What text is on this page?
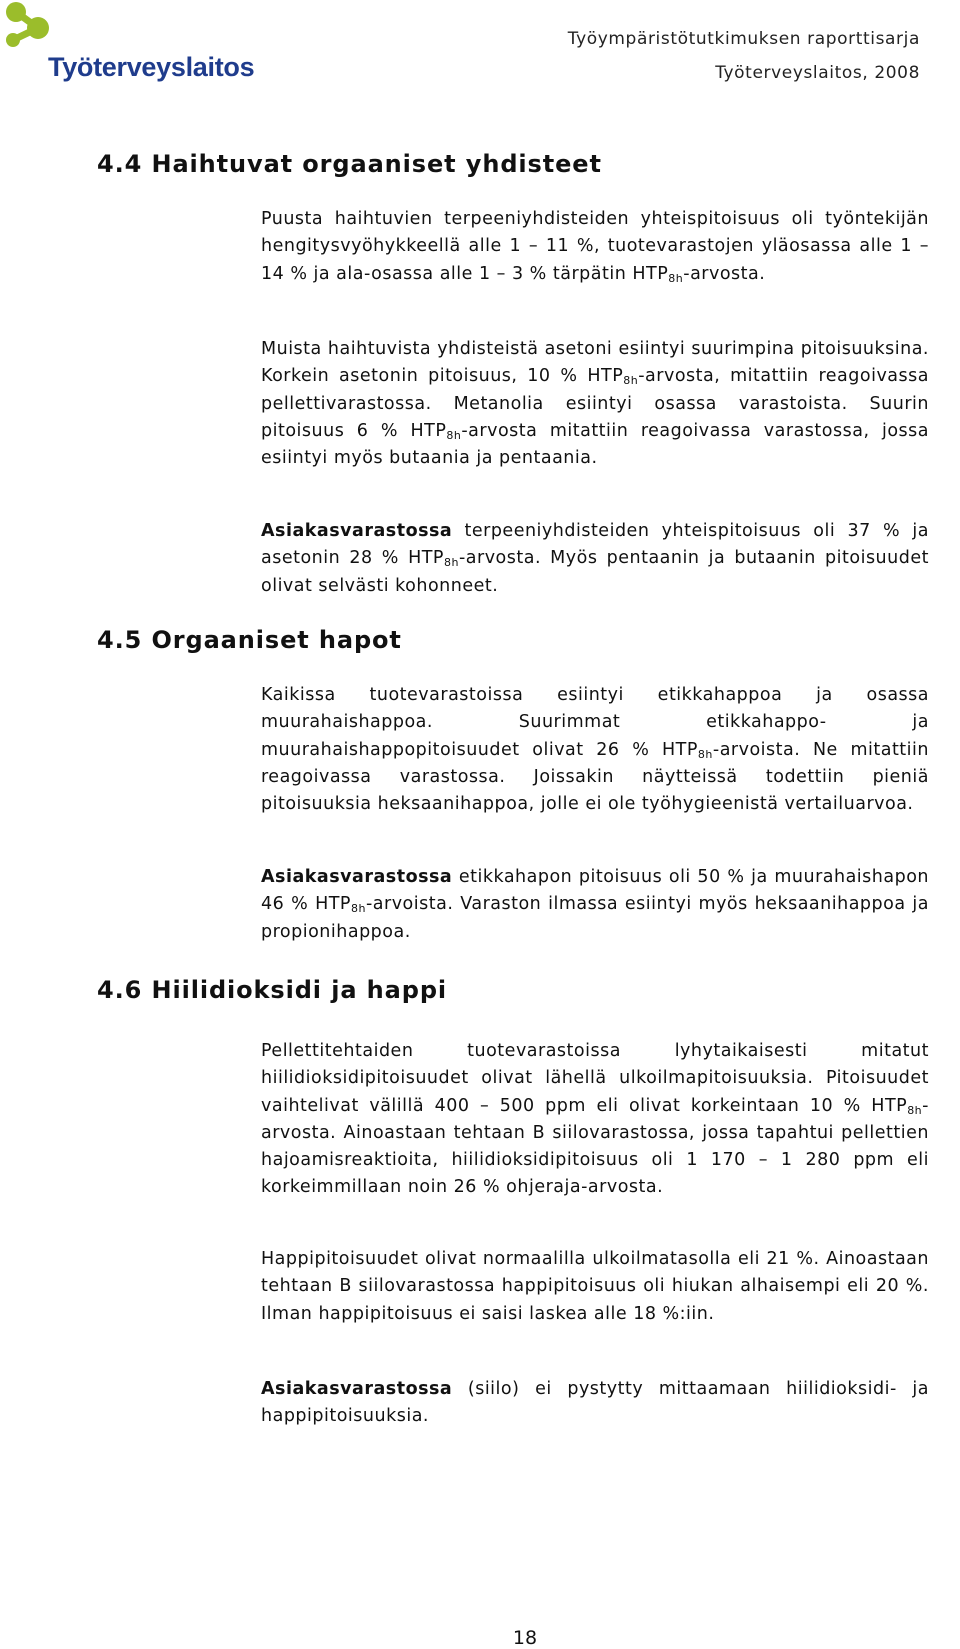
Työterveyslaitos
Työympäristötutkimuksen raporttisarja
Työterveyslaitos, 2008
4.4 Haihtuvat orgaaniset yhdisteet

Puusta haihtuvien terpeeniyhdisteiden yhteispitoisuus oli työntekijän hengitysvyöhykkeellä alle 1 – 11 %, tuotevarastojen yläosassa alle 1 – 14 % ja ala-osassa alle 1 – 3 % tärpätin $HTP_{8h}$-arvosta.

Muista haihtuvista yhdisteistä asetoni esiintyi suurimpina pitoisuuksina. Korkein asetonin pitoisuus, 10 % $HTP_{8h}$-arvosta, mitattiin reagoivassa pellettivarastossa. Metanolia esiintyi osassa varastoista. Suurin pitoisuus 6 % $HTP_{8h}$-arvosta mitattiin reagoivassa varastossa, jossa esiintyi myös butaania ja pentaania.

Asiakasvarastossa terpeeniyhdisteiden yhteispitoisuus oli 37 % ja asetonin 28 % $HTP_{8h}$-arvosta. Myös pentaanin ja butaanin pitoisuudet olivat selvästi kohonneet.

4.5 Orgaaniset hapot

Kaikissa tuotevarastoissa esiintyi etikkahappoa ja osassa muurahaishappoa. Suurimmat etikkahappo- ja muurahaishappopitoisuudet olivat 26 % $HTP_{8h}$-arvoista. Ne mitattiin reagoivassa varastossa. Joissakin näytteissä todettiin pieniä pitoisuuksia heksaanihappoa, jolle ei ole työhygieenistä vertailuarvoa.

Asiakasvarastossa etikkahapon pitoisuus oli 50 % ja muurahaishapon 46 % $HTP_{8h}$-arvoista. Varaston ilmassa esiintyi myös heksaanihappoa ja propionihappoa.

4.6 Hiilidioksidi ja happi

Pellettitehtaiden tuotevarastoissa lyhytaikaisesti mitatut hiilidioksidipitoisuudet olivat lähellä ulkoilmapitoisuuksia. Pitoisuudet vaihtelivat välillä 400 – 500 ppm eli olivat korkeintaan 10 % $HTP_{8h}$-arvosta. Ainoastaan tehtaan B siilovarastossa, jossa tapahtui pellettien hajoamisreaktioita, hiilidioksidipitoisuus oli 1 170 – 1 280 ppm eli korkeimmillaan noin 26 % ohjeraja-arvosta.

Happipitoisuudet olivat normaalilla ulkoilmatasolla eli 21 %. Ainoastaan tehtaan B siilovarastossa happipitoisuus oli hiukan alhaisempi eli 20 %. Ilman happipitoisuus ei saisi laskea alle 18 %:iin.

Asiakasvarastossa (siilo) ei pystytty mittaamaan hiilidioksidi- ja happipitoisuuksia.

18
